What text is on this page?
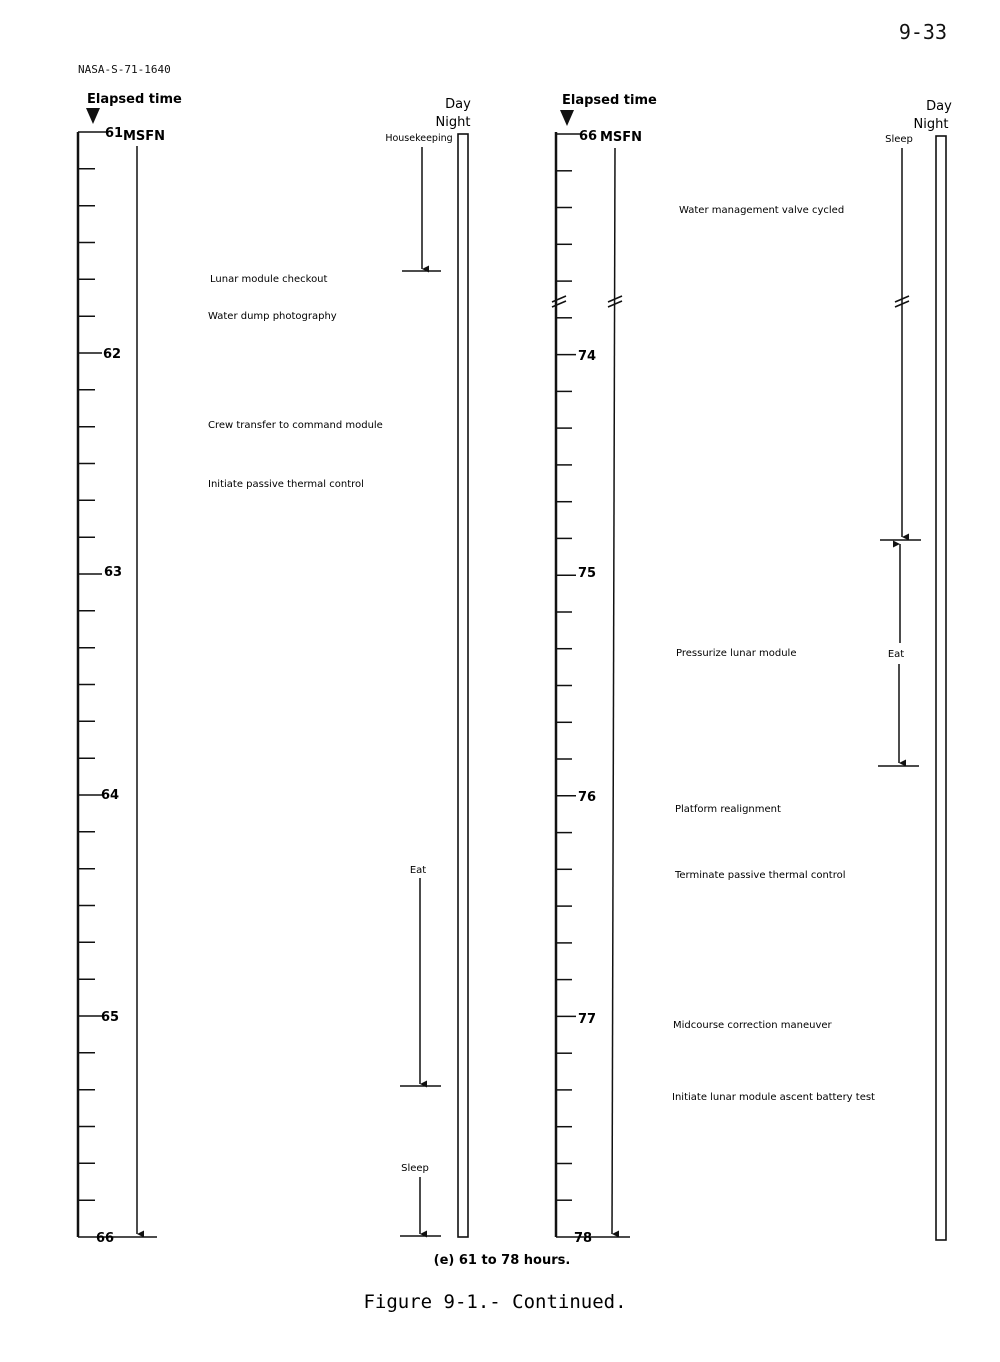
9-33
NASA-S-71-1640
Elapsed time
61
62
63
64
65
66
MSFN
Day
Night
Lunar module checkout
Water dump photography
Crew transfer to command module
Initiate passive thermal control
Housekeeping
Eat
Sleep
Elapsed time
66
74
75
76
77
78
MSFN
Day
Night
Water management valve cycled
Pressurize lunar module
Platform realignment
Terminate passive thermal control
Midcourse correction maneuver
Initiate lunar module ascent battery test
Sleep
Eat
(e) 61 to 78 hours.
Figure 9-1.- Continued.
